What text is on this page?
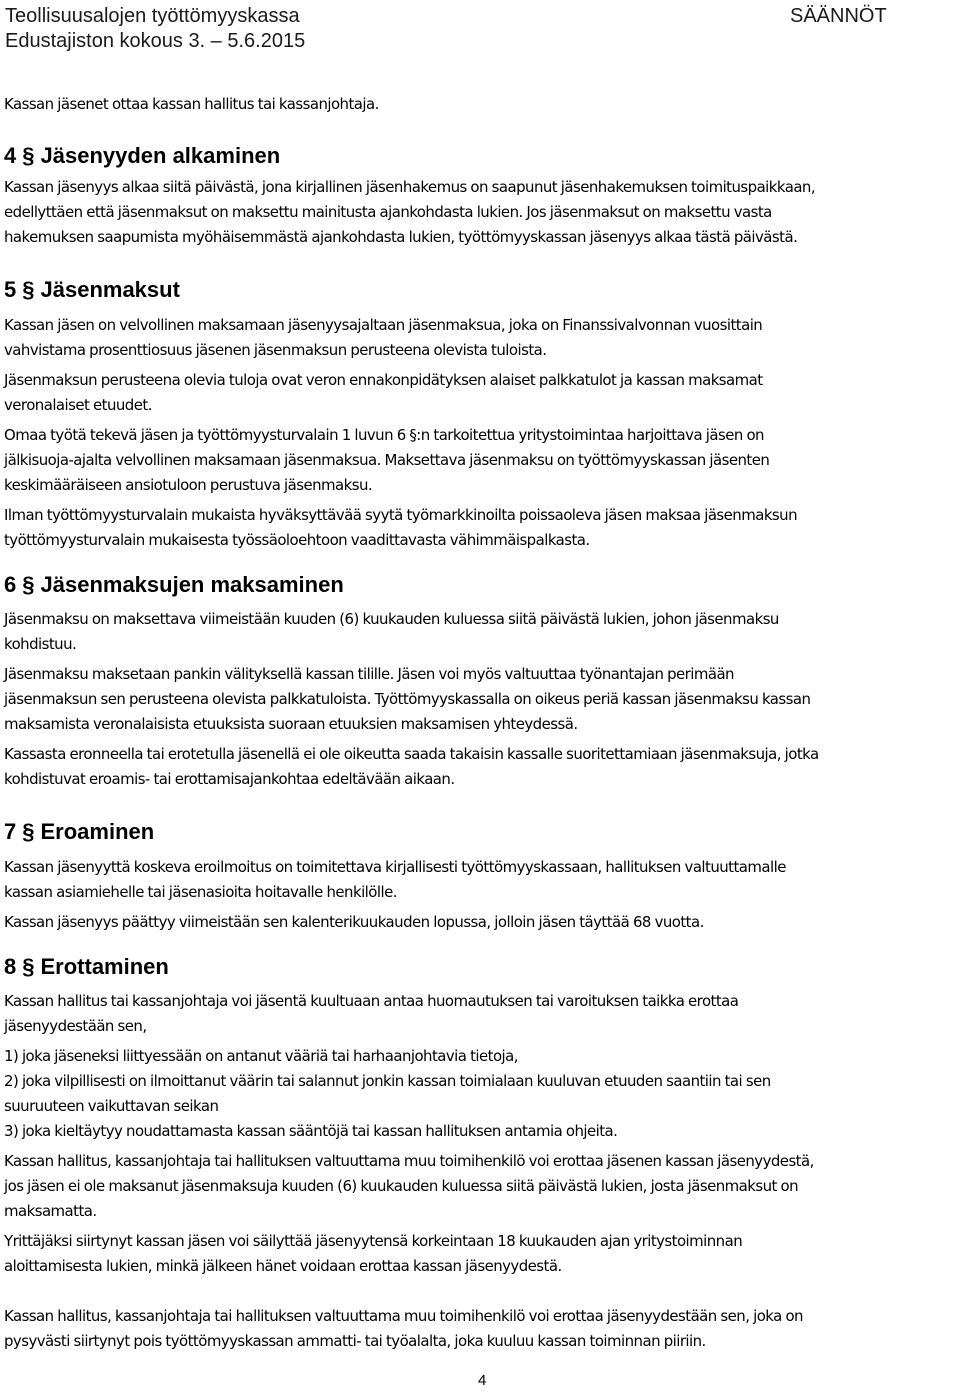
Teollisuusalojen työttömyyskassa
Edustajiston kokous 3. – 5.6.2015
SÄÄNNÖT
Kassan jäsenet ottaa kassan hallitus tai kassanjohtaja.
4 § Jäsenyyden alkaminen
Kassan jäsenyys alkaa siitä päivästä, jona kirjallinen jäsenhakemus on saapunut jäsenhakemuksen toimituspaikkaan,
edellyttäen että jäsenmaksut on maksettu mainitusta ajankohdasta lukien. Jos jäsenmaksut on maksettu vasta
hakemuksen saapumista myöhäisemmästä ajankohdasta lukien, työttömyyskassan jäsenyys alkaa tästä päivästä.
5 § Jäsenmaksut
Kassan jäsen on velvollinen maksamaan jäsenyysajaltaan jäsenmaksua, joka on Finanssivalvonnan vuosittain
vahvistama prosenttiosuus jäsenen jäsenmaksun perusteena olevista tuloista.
Jäsenmaksun perusteena olevia tuloja ovat veron ennakonpidätyksen alaiset palkkatulot ja kassan maksamat
veronalaiset etuudet.
Omaa työtä tekevä jäsen ja työttömyysturvalain 1 luvun 6 §:n tarkoitettua yritystoimintaa harjoittava jäsen on
jälkisuoja-ajalta velvollinen maksamaan jäsenmaksua. Maksettava jäsenmaksu on työttömyyskassan jäsenten
keskimääräiseen ansiotuloon perustuva jäsenmaksu.
Ilman työttömyysturvalain mukaista hyväksyttävää syytä työmarkkinoilta poissaoleva jäsen maksaa jäsenmaksun
työttömyysturvalain mukaisesta työssäoloehtoon vaadittavasta vähimmäispalkasta.
6 § Jäsenmaksujen maksaminen
Jäsenmaksu on maksettava viimeistään kuuden (6) kuukauden kuluessa siitä päivästä lukien, johon jäsenmaksu
kohdistuu.
Jäsenmaksu maksetaan pankin välityksellä kassan tilille. Jäsen voi myös valtuuttaa työnantajan perimään
jäsenmaksun sen perusteena olevista palkkatuloista. Työttömyyskassalla on oikeus periä kassan jäsenmaksu kassan
maksamista veronalaisista etuuksista suoraan etuuksien maksamisen yhteydessä.
Kassasta eronneella tai erotetulla jäsenellä ei ole oikeutta saada takaisin kassalle suoritettamiaan jäsenmaksuja, jotka
kohdistuvat eroamis- tai erottamisajankohtaa edeltävään aikaan.
7 § Eroaminen
Kassan jäsenyyttä koskeva eroilmoitus on toimitettava kirjallisesti työttömyyskassaan, hallituksen valtuuttamalle
kassan asiamiehelle tai jäsenasioita hoitavalle henkilölle.
Kassan jäsenyys päättyy viimeistään sen kalenterikuukauden lopussa, jolloin jäsen täyttää 68 vuotta.
8 § Erottaminen
Kassan hallitus tai kassanjohtaja voi jäsentä kuultuaan antaa huomautuksen tai varoituksen taikka erottaa
jäsenyydestään sen,
1) joka jäseneksi liittyessään on antanut vääriä tai harhaanjohtavia tietoja,
2) joka vilpillisesti on ilmoittanut väärin tai salannut jonkin kassan toimialaan kuuluvan etuuden saantiin tai sen
suuruuteen vaikuttavan seikan
3) joka kieltäytyy noudattamasta kassan sääntöjä tai kassan hallituksen antamia ohjeita.
Kassan hallitus, kassanjohtaja tai hallituksen valtuuttama muu toimihenkilö voi erottaa jäsenen kassan jäsenyydestä,
jos jäsen ei ole maksanut jäsenmaksuja kuuden (6) kuukauden kuluessa siitä päivästä lukien, josta jäsenmaksut on
maksamatta.
Yrittäjäksi siirtynyt kassan jäsen voi säilyttää jäsenyytensä korkeintaan 18 kuukauden ajan yritystoiminnan
aloittamisesta lukien, minkä jälkeen hänet voidaan erottaa kassan jäsenyydestä.
Kassan hallitus, kassanjohtaja tai hallituksen valtuuttama muu toimihenkilö voi erottaa jäsenyydestään sen, joka on
pysyvästi siirtynyt pois työttömyyskassan ammatti- tai työalalta, joka kuuluu kassan toiminnan piiriin.
4
